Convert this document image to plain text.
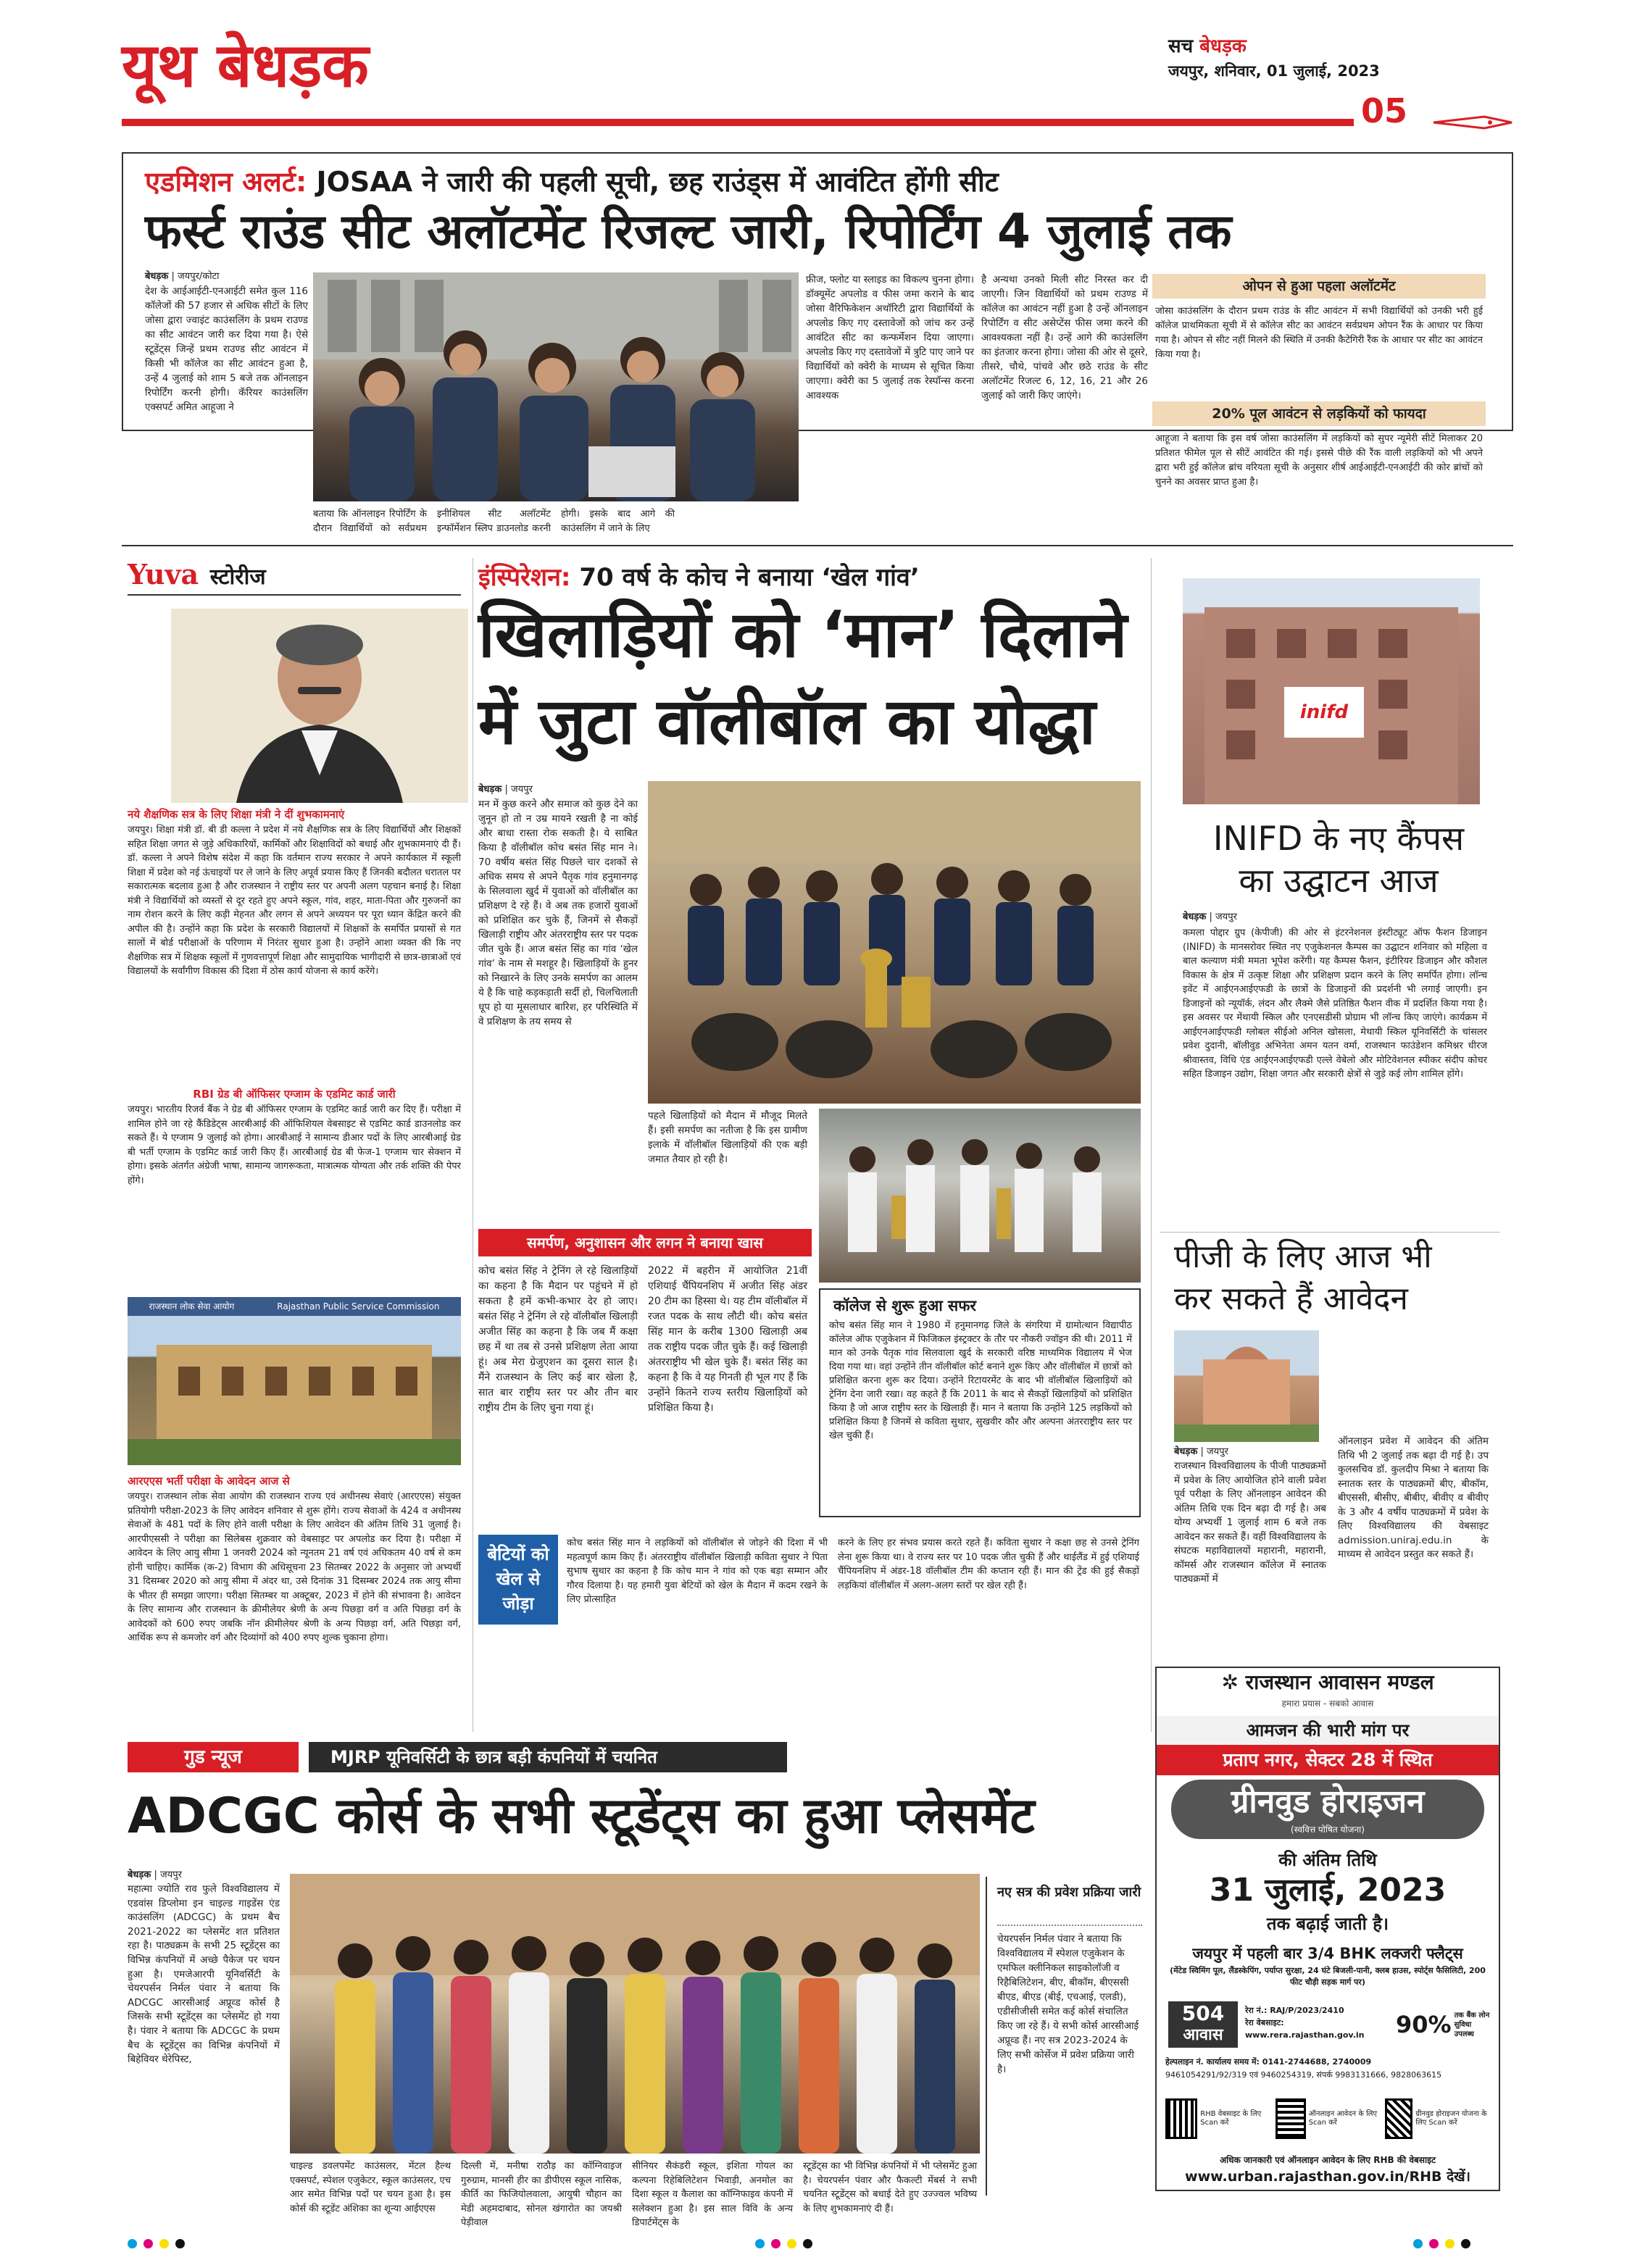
यूथ बेधड़क	सच बेधड़क
जयपुर, शनिवार, 01 जुलाई, 2023
05
एडमिशन अलर्ट: JOSAA ने जारी की पहली सूची, छह राउंड्स में आवंटित होंगी सीट
फर्स्ट राउंड सीट अलॉटमेंट रिजल्ट जारी, रिपोर्टिंग 4 जुलाई तक
बेधड़क | जयपुर/कोटा
देश के आईआईटी-एनआईटी समेत कुल 116 कॉलेजों की 57 हजार से अधिक सीटों के लिए जोसा द्वारा ज्वाइंट काउंसलिंग के प्रथम राउण्ड का सीट आवंटन जारी कर दिया गया है। ऐसे स्टूडेंट्स जिन्हें प्रथम राउण्ड सीट आवंटन में किसी भी कॉलेज का सीट आवंटन हुआ है, उन्हें 4 जुलाई को शाम 5 बजे तक ऑनलाइन रिपोर्टिंग करनी होगी। कॅरियर काउंसलिंग एक्सपर्ट अमित आहूजा ने
बताया कि ऑनलाइन रिपोर्टिंग के दौरान विद्यार्थियों को सर्वप्रथम इनीशियल सीट अलॉटमेंट इन्फॉर्मेशन स्लिप डाउनलोड करनी होगी। इसके बाद आगे की काउंसलिंग में जाने के लिए
फ्रीज, फ्लोट या स्लाइड का विकल्प चुनना होगा। डॉक्यूमेंट अपलोड व फीस जमा कराने के बाद जोसा वैरिफिकेशन अथॉरिटी द्वारा विद्यार्थियों के अपलोड किए गए दस्तावेजों को जांच कर उन्हें आवंटित सीट का कन्फर्मेशन दिया जाएगा। अपलोड किए गए दस्तावेजों में त्रुटि पाए जाने पर विद्यार्थियों को क्वेरी के माध्यम से सूचित किया जाएगा। क्वेरी का 5 जुलाई तक रेस्पॉन्स करना आवश्यक
है अन्यथा उनको मिली सीट निरस्त कर दी जाएगी। जिन विद्यार्थियों को प्रथम राउण्ड में कॉलेज का आवंटन नहीं हुआ है उन्हें ऑनलाइन रिपोर्टिंग व सीट असेप्टेंस फीस जमा करने की आवश्यकता नहीं है। उन्हें आगे की काउंसलिंग का इंतजार करना होगा। जोसा की ओर से दूसरे, तीसरे, चौथे, पांचवे और छठे राउंड के सीट अलॉटमेंट रिजल्ट 6, 12, 16, 21 और 26 जुलाई को जारी किए जाएंगे।
ओपन से हुआ पहला अलॉटमेंट
जोसा काउंसलिंग के दौरान प्रथम राउंड के सीट आवंटन में सभी विद्यार्थियों को उनकी भरी हुई कॉलेज प्राथमिकता सूची में से कॉलेज सीट का आवंटन सर्वप्रथम ओपन रैंक के आधार पर किया गया है। ओपन से सीट नहीं मिलने की स्थिति में उनकी कैटेगिरी रैंक के आधार पर सीट का आवंटन किया गया है।
20% पूल आवंटन से लड़कियों को फायदा
आहूजा ने बताया कि इस वर्ष जोसा काउंसलिंग में लड़कियों को सुपर न्यूमेरी सीटें मिलाकर 20 प्रतिशत फीमेल पूल से सीटें आवंटित की गई। इससे पीछे की रैंक वाली लड़कियों को भी अपने द्वारा भरी हुई कॉलेज ब्रांच वरियता सूची के अनुसार शीर्ष आईआईटी-एनआईटी की कोर ब्रांचों को चुनने का अवसर प्राप्त हुआ है।
Yuva स्टोरीज
नये शैक्षणिक सत्र के लिए शिक्षा मंत्री ने दीं शुभकामनाएं
जयपुर। शिक्षा मंत्री डॉ. बी डी कल्ला ने प्रदेश में नये शैक्षणिक सत्र के लिए विद्यार्थियों और शिक्षकों सहित शिक्षा जगत से जुड़े अधिकारियों, कार्मिकों और शिक्षाविदों को बधाई और शुभकामनाएं दी हैं। डॉ. कल्ला ने अपने विशेष संदेश में कहा कि वर्तमान राज्य सरकार ने अपने कार्यकाल में स्कूली शिक्षा में प्रदेश को नई ऊंचाइयों पर ले जाने के लिए अपूर्व प्रयास किए हैं जिनकी बदौलत धरातल पर सकारात्मक बदलाव हुआ है और राजस्थान ने राष्ट्रीय स्तर पर अपनी अलग पहचान बनाई है। शिक्षा मंत्री ने विद्यार्थियों को व्यस्तों से दूर रहते हुए अपने स्कूल, गांव, शहर, माता-पिता और गुरुजनों का नाम रोशन करने के लिए कड़ी मेहनत और लगन से अपने अध्ययन पर पूरा ध्यान केंद्रित करने की अपील की है। उन्होंने कहा कि प्रदेश के सरकारी विद्यालयों में शिक्षकों के समर्पित प्रयासों से गत सालों में बोर्ड परीक्षाओं के परिणाम में निरंतर सुधार हुआ है। उन्होंने आशा व्यक्त की कि नए शैक्षणिक सत्र में शिक्षक स्कूलों में गुणवत्तापूर्ण शिक्षा और सामुदायिक भागीदारी से छात्र-छात्राओं एवं विद्यालयों के सर्वांगीण विकास की दिशा में ठोस कार्य योजना से कार्य करेंगे।
RBI ग्रेड बी ऑफिसर एग्जाम के एडमिट कार्ड जारी
जयपुर। भारतीय रिजर्व बैंक ने ग्रेड बी ऑफिसर एग्जाम के एडमिट कार्ड जारी कर दिए हैं। परीक्षा में शामिल होने जा रहे कैंडिडेट्स आरबीआई की ऑफिशियल वेबसाइट से एडमिट कार्ड डाउनलोड कर सकते हैं। ये एग्जाम 9 जुलाई को होगा। आरबीआई ने सामान्य डीआर पदों के लिए आरबीआई ग्रेड बी भर्ती एग्जाम के एडमिट कार्ड जारी किए हैं। आरबीआई ग्रेड बी फेज-1 एग्जाम चार सेक्शन में होगा। इसके अंतर्गत अंग्रेजी भाषा, सामान्य जागरूकता, मात्रात्मक योग्यता और तर्क शक्ति की पेपर होंगे।
राजस्थान लोक सेवा आयोग	Rajasthan Public Service Commission
आरएएस भर्ती परीक्षा के आवेदन आज से
जयपुर। राजस्थान लोक सेवा आयोग की राजस्थान राज्य एवं अधीनस्थ सेवाएं (आरएएस) संयुक्त प्रतियोगी परीक्षा-2023 के लिए आवेदन शनिवार से शुरू होंगे। राज्य सेवाओं के 424 व अधीनस्थ सेवाओं के 481 पदों के लिए होने वाली परीक्षा के लिए आवेदन की अंतिम तिथि 31 जुलाई है। आरपीएससी ने परीक्षा का सिलेबस शुक्रवार को वेबसाइट पर अपलोड कर दिया है। परीक्षा में आवेदन के लिए आयु सीमा 1 जनवरी 2024 को न्यूनतम 21 वर्ष एवं अधिकतम 40 वर्ष से कम होनी चाहिए। कार्मिक (क-2) विभाग की अधिसूचना 23 सितम्बर 2022 के अनुसार जो अभ्यर्थी 31 दिसम्बर 2020 को आयु सीमा में अंदर था, उसे दिनांक 31 दिसम्बर 2024 तक आयु सीमा के भीतर ही समझा जाएगा। परीक्षा सितम्बर या अक्टूबर, 2023 में होने की संभावना है। आवेदन के लिए सामान्य और राजस्थान के क्रीमीलेयर श्रेणी के अन्य पिछड़ा वर्ग व अति पिछड़ा वर्ग के आवेदकों को 600 रुपए जबकि नॉन क्रीमीलेयर श्रेणी के अन्य पिछड़ा वर्ग, अति पिछड़ा वर्ग, आर्थिक रूप से कमजोर वर्ग और दिव्यांगों को 400 रुपए शुल्क चुकाना होगा।
इंस्पिरेशन: 70 वर्ष के कोच ने बनाया ‘खेल गांव’
खिलाड़ियों को ‘मान’ दिलाने
में जुटा वॉलीबॉल का योद्धा
बेधड़क | जयपुर
मन में कुछ करने और समाज को कुछ देने का जुनून हो तो न उम्र मायने रखती है ना कोई और बाधा रास्ता रोक सकती है। ये साबित किया है वॉलीबॉल कोच बसंत सिंह मान ने। 70 वर्षीय बसंत सिंह पिछले चार दशकों से अधिक समय से अपने पैतृक गांव हनुमानगढ़ के सिलवाला खुर्द में युवाओं को वॉलीबॉल का प्रशिक्षण दे रहे हैं। वे अब तक हजारों युवाओं को प्रशिक्षित कर चुके हैं, जिनमें से सैकड़ों खिलाड़ी राष्ट्रीय और अंतरराष्ट्रीय स्तर पर पदक जीत चुके हैं। आज बसंत सिंह का गांव ‘खेल गांव’ के नाम से मशहूर है। खिलाड़ियों के हुनर को निखारने के लिए उनके समर्पण का आलम ये है कि चाहे कड़कड़ाती सर्दी हो, चिलचिलाती धूप हो या मूसलाधार बारिश, हर परिस्थिति में वे प्रशिक्षण के तय समय से
पहले खिलाड़ियों को मैदान में मौजूद मिलते हैं। इसी समर्पण का नतीजा है कि इस ग्रामीण इलाके में वॉलीबॉल खिलाड़ियों की एक बड़ी जमात तैयार हो रही है।
समर्पण, अनुशासन और लगन ने बनाया खास
कोच बसंत सिंह ने ट्रेनिंग ले रहे खिलाड़ियों का कहना है कि मैदान पर पहुंचने में हो सकता है हमें कभी-कभार देर हो जाए। बसंत सिंह ने ट्रेनिंग ले रहे वॉलीबॉल खिलाड़ी अजीत सिंह का कहना है कि जब मैं कक्षा छह में था तब से उनसे प्रशिक्षण लेता आया हूं। अब मेरा ग्रेजुएशन का दूसरा साल है। मैंने राजस्थान के लिए कई बार खेला है, सात बार राष्ट्रीय स्तर पर और तीन बार राष्ट्रीय टीम के लिए चुना गया हूं।
2022 में बहरीन में आयोजित 21वीं एशियाई चैंपियनशिप में अजीत सिंह अंडर 20 टीम का हिस्सा थे। यह टीम वॉलीबॉल में रजत पदक के साथ लौटी थी। कोच बसंत सिंह मान के करीब 1300 खिलाड़ी अब तक राष्ट्रीय पदक जीत चुके हैं। कई खिलाड़ी अंतरराष्ट्रीय भी खेल चुके हैं। बसंत सिंह का कहना है कि वे यह गिनती ही भूल गए हैं कि उन्होंने कितने राज्य स्तरीय खिलाड़ियों को प्रशिक्षित किया है।
कॉलेज से शुरू हुआ सफर
कोच बसंत सिंह मान ने 1980 में हनुमानगढ़ जिले के संगरिया में ग्रामोत्थान विद्यापीठ कॉलेज ऑफ एजुकेशन में फिजिकल इंस्ट्रक्टर के तौर पर नौकरी ज्वॉइन की थी। 2011 में मान को उनके पैतृक गांव सिलवाला खुर्द के सरकारी वरिष्ठ माध्यमिक विद्यालय में भेज दिया गया था। वहां उन्होंने तीन वॉलीबॉल कोर्ट बनाने शुरू किए और वॉलीबॉल में छात्रों को प्रशिक्षित करना शुरू कर दिया। उन्होंने रिटायरमेंट के बाद भी वॉलीबॉल खिलाड़ियों को ट्रेनिंग देना जारी रखा। वह कहते हैं कि 2011 के बाद से सैकड़ों खिलाड़ियों को प्रशिक्षित किया है जो आज राष्ट्रीय स्तर के खिलाड़ी हैं। मान ने बताया कि उन्होंने 125 लड़कियों को प्रशिक्षित किया है जिनमें से कविता सुथार, सुखवीर कौर और अल्पना अंतरराष्ट्रीय स्तर पर खेल चुकी हैं।
बेटियों को खेल से जोड़ा
कोच बसंत सिंह मान ने लड़कियों को वॉलीबॉल से जोड़ने की दिशा में भी महत्वपूर्ण काम किए हैं। अंतरराष्ट्रीय वॉलीबॉल खिलाड़ी कविता सुथार ने पिता सुभाष सुथार का कहना है कि कोच मान ने गांव को एक बड़ा सम्मान और गौरव दिलाया है। यह हमारी युवा बेटियों को खेल के मैदान में कदम रखने के लिए प्रोत्साहित
करने के लिए हर संभव प्रयास करते रहते हैं। कविता सुथार ने कक्षा छह से उनसे ट्रेनिंग लेना शुरू किया था। वे राज्य स्तर पर 10 पदक जीत चुकी हैं और थाईलैंड में हुई एशियाई चैंपियनशिप में अंडर-18 वॉलीबॉल टीम की कप्तान रही हैं। मान की ट्रेंड की हुई सैकड़ों लड़कियां वॉलीबॉल में अलग-अलग स्तरों पर खेल रही हैं।
inifd
INIFD के नए कैंपस
का उद्घाटन आज
बेधड़क | जयपुर
कमला पोद्दार ग्रुप (केपीजी) की ओर से इंटरनेशनल इंस्टीट्यूट ऑफ फैशन डिजाइन (INIFD) के मानसरोवर स्थित नए एजुकेशनल कैम्पस का उद्घाटन शनिवार को महिला व बाल कल्याण मंत्री ममता भूपेश करेंगी। यह कैम्पस फैशन, इंटीरियर डिजाइन और कौशल विकास के क्षेत्र में उत्कृष्ट शिक्षा और प्रशिक्षण प्रदान करने के लिए समर्पित होगा। लॉन्च इवेंट में आईएनआईएफडी के छात्रों के डिजाइनों की प्रदर्शनी भी लगाई जाएगी। इन डिजाइनों को न्यूयॉर्क, लंदन और लैक्मे जैसे प्रतिष्ठित फैशन वीक में प्रदर्शित किया गया है। इस अवसर पर मेंथायी स्किल और एनएसडीसी प्रोग्राम भी लॉन्च किए जाएंगे। कार्यक्रम में आईएनआईएफडी ग्लोबल सीईओ अनिल खोसला, मेथायी स्किल यूनिवर्सिटी के चांसलर प्रवेश दुदानी, बॉलीवुड अभिनेता अमन यतन वर्मा, राजस्थान फाउंडेशन कमिश्नर धीरज श्रीवास्तव, विधि एंड आईएनआईएफडी एल्ले वेबेलो और मोटिवेशनल स्पीकर संदीप कोचर सहित डिजाइन उद्योग, शिक्षा जगत और सरकारी क्षेत्रों से जुड़े कई लोग शामिल होंगे।
पीजी के लिए आज भी
कर सकते हैं आवेदन
बेधड़क | जयपुर
राजस्थान विश्वविद्यालय के पीजी पाठ्यक्रमों में प्रवेश के लिए आयोजित होने वाली प्रवेश पूर्व परीक्षा के लिए ऑनलाइन आवेदन की अंतिम तिथि एक दिन बढ़ा दी गई है। अब योग्य अभ्यर्थी 1 जुलाई शाम 6 बजे तक आवेदन कर सकते हैं। वहीं विश्वविद्यालय के संघटक महाविद्यालयों महारानी, महारानी, कॉमर्स और राजस्थान कॉलेज में स्नातक पाठ्यक्रमों में
ऑनलाइन प्रवेश में आवेदन की अंतिम तिथि भी 2 जुलाई तक बढ़ा दी गई है। उप कुलसचिव डॉ. कुलदीप मिश्रा ने बताया कि स्नातक स्तर के पाठ्यक्रमों बीए, बीकॉम, बीएससी, बीसीए, बीबीए, बीवीए व बीवीए के 3 और 4 वर्षीय पाठ्यक्रमों में प्रवेश के लिए विश्वविद्यालय की वेबसाइट admission.uniraj.edu.in के माध्यम से आवेदन प्रस्तुत कर सकते हैं।
✲ राजस्थान आवासन मण्डल
हमारा प्रयास - सबको आवास
आमजन की भारी मांग पर
प्रताप नगर, सेक्टर 28 में स्थित
ग्रीनवुड होराइजन
(स्ववित्त पोषित योजना)
की अंतिम तिथि
31 जुलाई, 2023
तक बढ़ाई जाती है।
जयपुर में पहली बार 3/4 BHK लक्जरी फ्लैट्स
(मेंटेड स्विमिंग पूल, लैंडस्केपिंग, पर्याप्त सुरक्षा, 24 घंटे बिजली-पानी, क्लब हाउस, स्पोर्ट्स फैसिलिटी, 200 फीट चौड़ी सड़क मार्ग पर)
504
आवास
रेरा नं.: RAJ/P/2023/2410
रेरा वेबसाइट: www.rera.rajasthan.gov.in	90% तक बैंक लोन सुविधा उपलब्ध
हेल्पलाइन नं. कार्यालय समय में: 0141-2744688, 2740009
9461054291/92/319 एवं 9460254319, संपर्क 9983131666, 9828063615
RHB वेबसाइट के लिए Scan करें
ऑनलाइन आवेदन के लिए Scan करें
ग्रीनवुड होराइजन योजना के लिए Scan करें
अधिक जानकारी एवं ऑनलाइन आवेदन के लिए RHB की वेबसाइट
www.urban.rajasthan.gov.in/RHB देखें।
गुड न्यूज	MJRP यूनिवर्सिटी के छात्र बड़ी कंपनियों में चयनित
ADCGC कोर्स के सभी स्टूडेंट्स का हुआ प्लेसमेंट
बेधड़क | जयपुर
महात्मा ज्योति राव फुले विश्वविद्यालय में एडवांस डिप्लोमा इन चाइल्ड गाइडेंस एंड काउंसलिंग (ADCGC) के प्रथम बैच 2021-2022 का प्लेसमेंट शत प्रतिशत रहा है। पाठ्यक्रम के सभी 25 स्टूडेंट्स का विभिन्न कंपनियों में अच्छे पैकेज पर चयन हुआ है। एमजेआरपी यूनिवर्सिटी के चेयरपर्सन निर्मल पंवार ने बताया कि ADCGC आरसीआई अप्रूव्ड कोर्स है जिसके सभी स्टूडेंट्स का प्लेसमेंट हो गया है। पंवार ने बताया कि ADCGC के प्रथम बैच के स्टूडेंट्स का विभिन्न कंपनियों में बिहेवियर थेरेपिस्ट,
चाइल्ड डवलपमेंट काउंसलर, मेंटल हैल्थ एक्सपर्ट, स्पेशल एजुकेटर, स्कूल काउंसलर, एच आर समेत विभिन्न पदों पर चयन हुआ है। इस कोर्स की स्टूडेंट अंशिका का शून्या आईएएस
दिल्ली में, मनीषा राठौड़ का कॉग्निवाइज गुरुग्राम, मानसी हीर का डीपीएस स्कूल नासिक, कीर्ति का फिजियोलवाला, आयुषी चौहान का मेडी अहमदाबाद, सोनल खंगारोत का जयश्री पेड़ीवाल
सीनियर सैकंडरी स्कूल, इशिता गोयल का कल्पना रिहेबिलिटेशन भिवाड़ी, अनमोल का दिशा स्कूल व कैलाश का कॉग्निफाइव कंपनी में सलेक्शन हुआ है। इस साल विवि के अन्य डिपार्टमेंट्स के
स्टूडेंट्स का भी विभिन्न कंपनियों में भी प्लेसमेंट हुआ है। चेयरपर्सन पंवार और फैकल्टी मेंबर्स ने सभी चयनित स्टूडेंट्स को बधाई देते हुए उज्ज्वल भविष्य के लिए शुभकामनाएं दी हैं।
नए सत्र की प्रवेश प्रक्रिया जारी
चेयरपर्सन निर्मल पंवार ने बताया कि विश्वविद्यालय में स्पेशल एजुकेशन के एमफिल क्लीनिकल साइकोलॉजी व रिहैबिलिटेशन, बीए, बीकॉम, बीएससी बीएड, बीएड (बीई, एचआई, एलडी), एडीसीजीसी समेत कई कोर्स संचालित किए जा रहे हैं। ये सभी कोर्स आरसीआई अप्रूव्ड हैं। नए सत्र 2023-2024 के लिए सभी कोर्सेज में प्रवेश प्रक्रिया जारी है।
